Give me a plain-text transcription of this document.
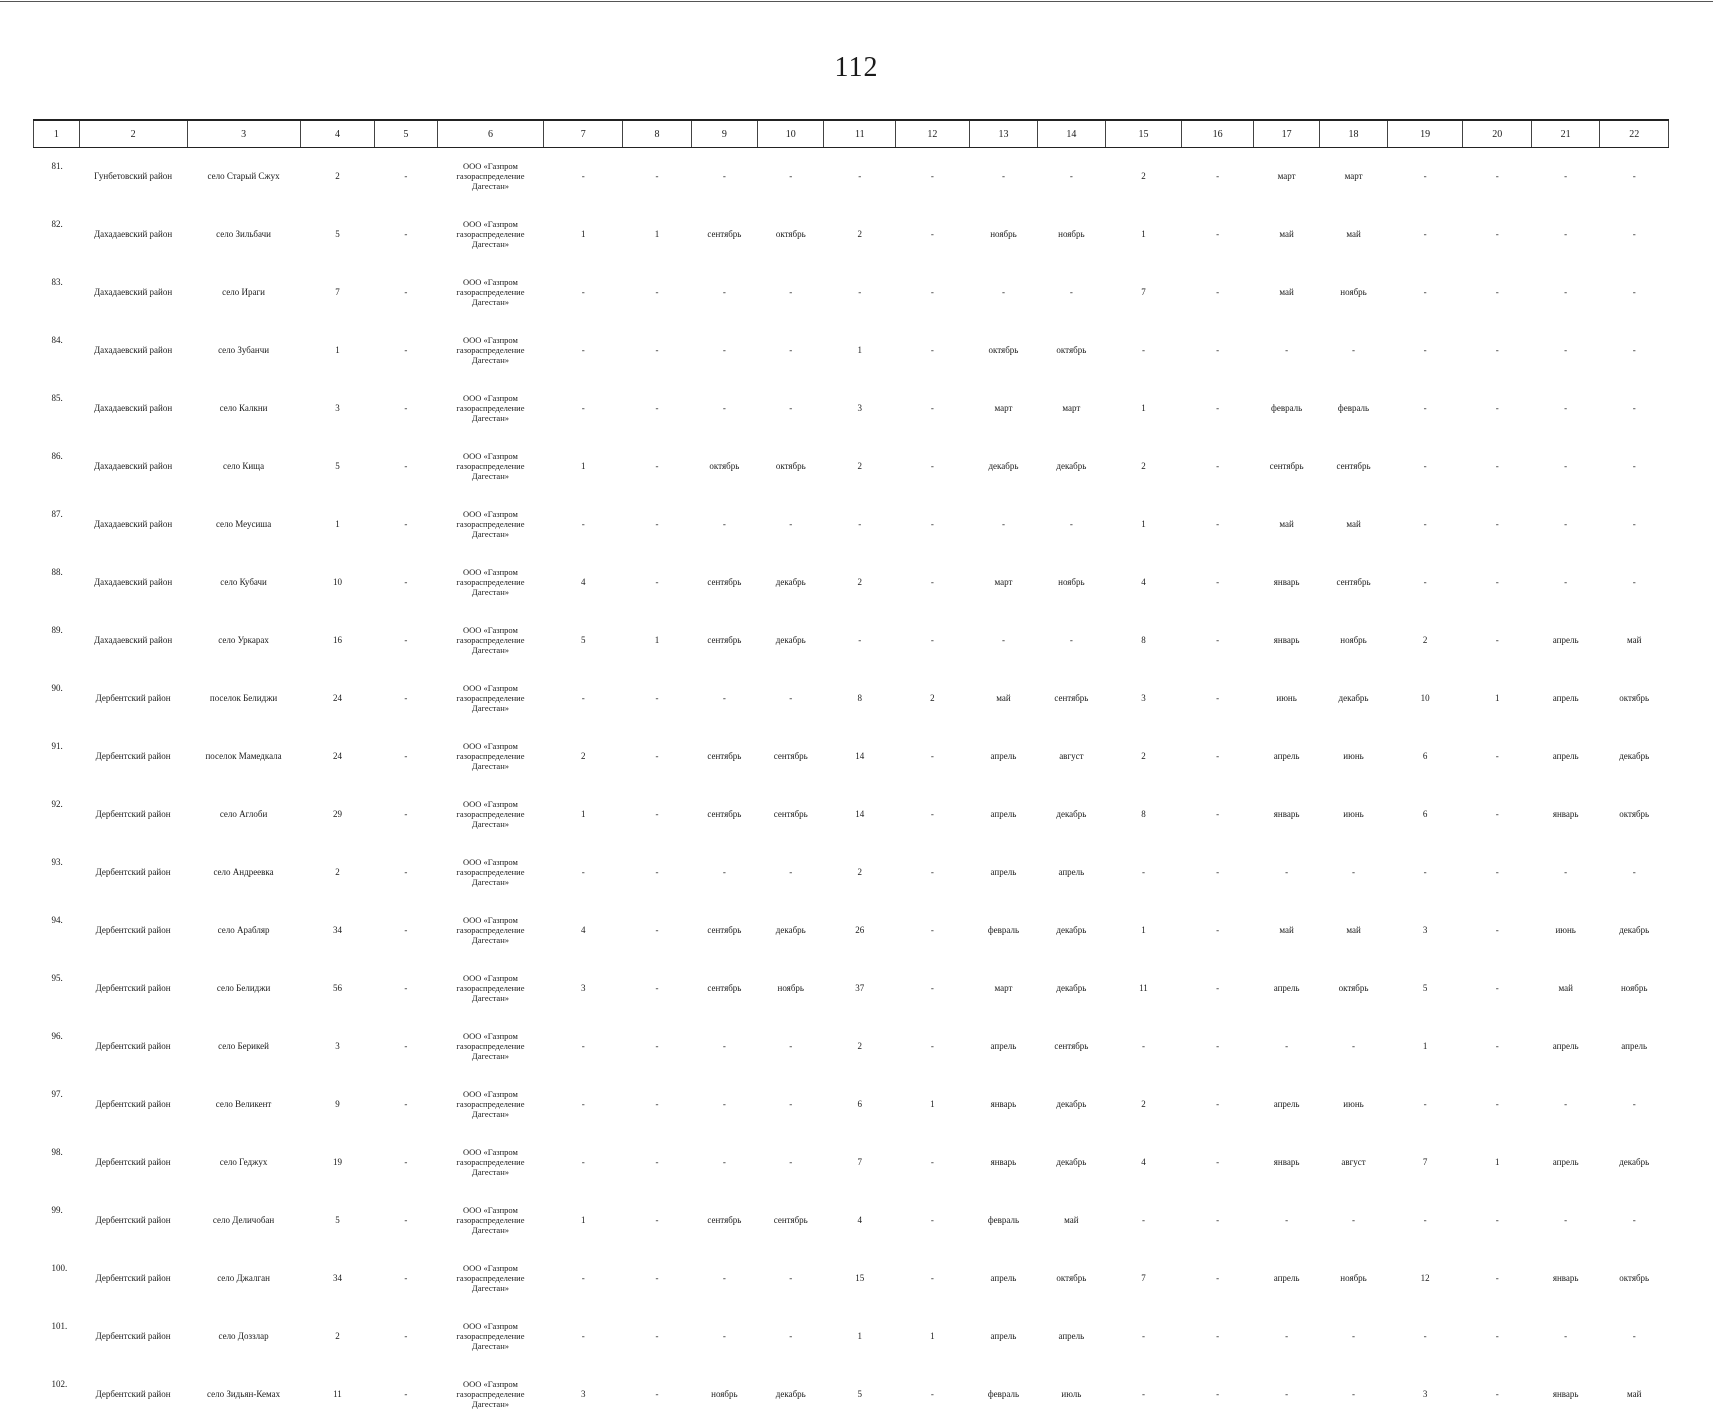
112
1	2	3	4	5	6	7	8	9	10	11	12	13	14	15	16	17	18	19	20	21	22
81.	Гунбетовский район	село Старый Сжух	2	-	ООО «Газпром газораспределение Дагестан»	-	-	-	-	-	-	-	-	2	-	март	март	-	-	-	-
82.	Дахадаевский район	село Зильбачи	5	-	ООО «Газпром газораспределение Дагестан»	1	1	сентябрь	октябрь	2	-	ноябрь	ноябрь	1	-	май	май	-	-	-	-
83.	Дахадаевский район	село Ираги	7	-	ООО «Газпром газораспределение Дагестан»	-	-	-	-	-	-	-	-	7	-	май	ноябрь	-	-	-	-
84.	Дахадаевский район	село Зубанчи	1	-	ООО «Газпром газораспределение Дагестан»	-	-	-	-	1	-	октябрь	октябрь	-	-	-	-	-	-	-	-
85.	Дахадаевский район	село Калкни	3	-	ООО «Газпром газораспределение Дагестан»	-	-	-	-	3	-	март	март	1	-	февраль	февраль	-	-	-	-
86.	Дахадаевский район	село Кища	5	-	ООО «Газпром газораспределение Дагестан»	1	-	октябрь	октябрь	2	-	декабрь	декабрь	2	-	сентябрь	сентябрь	-	-	-	-
87.	Дахадаевский район	село Меусиша	1	-	ООО «Газпром газораспределение Дагестан»	-	-	-	-	-	-	-	-	1	-	май	май	-	-	-	-
88.	Дахадаевский район	село Кубачи	10	-	ООО «Газпром газораспределение Дагестан»	4	-	сентябрь	декабрь	2	-	март	ноябрь	4	-	январь	сентябрь	-	-	-	-
89.	Дахадаевский район	село Уркарах	16	-	ООО «Газпром газораспределение Дагестан»	5	1	сентябрь	декабрь	-	-	-	-	8	-	январь	ноябрь	2	-	апрель	май
90.	Дербентский район	поселок Белиджи	24	-	ООО «Газпром газораспределение Дагестан»	-	-	-	-	8	2	май	сентябрь	3	-	июнь	декабрь	10	1	апрель	октябрь
91.	Дербентский район	поселок Мамедкала	24	-	ООО «Газпром газораспределение Дагестан»	2	-	сентябрь	сентябрь	14	-	апрель	август	2	-	апрель	июнь	6	-	апрель	декабрь
92.	Дербентский район	село Аглоби	29	-	ООО «Газпром газораспределение Дагестан»	1	-	сентябрь	сентябрь	14	-	апрель	декабрь	8	-	январь	июнь	6	-	январь	октябрь
93.	Дербентский район	село Андреевка	2	-	ООО «Газпром газораспределение Дагестан»	-	-	-	-	2	-	апрель	апрель	-	-	-	-	-	-	-	-
94.	Дербентский район	село Арабляр	34	-	ООО «Газпром газораспределение Дагестан»	4	-	сентябрь	декабрь	26	-	февраль	декабрь	1	-	май	май	3	-	июнь	декабрь
95.	Дербентский район	село Белиджи	56	-	ООО «Газпром газораспределение Дагестан»	3	-	сентябрь	ноябрь	37	-	март	декабрь	11	-	апрель	октябрь	5	-	май	ноябрь
96.	Дербентский район	село Берикей	3	-	ООО «Газпром газораспределение Дагестан»	-	-	-	-	2	-	апрель	сентябрь	-	-	-	-	1	-	апрель	апрель
97.	Дербентский район	село Великент	9	-	ООО «Газпром газораспределение Дагестан»	-	-	-	-	6	1	январь	декабрь	2	-	апрель	июнь	-	-	-	-
98.	Дербентский район	село Геджух	19	-	ООО «Газпром газораспределение Дагестан»	-	-	-	-	7	-	январь	декабрь	4	-	январь	август	7	1	апрель	декабрь
99.	Дербентский район	село Деличобан	5	-	ООО «Газпром газораспределение Дагестан»	1	-	сентябрь	сентябрь	4	-	февраль	май	-	-	-	-	-	-	-	-
100.	Дербентский район	село Джалган	34	-	ООО «Газпром газораспределение Дагестан»	-	-	-	-	15	-	апрель	октябрь	7	-	апрель	ноябрь	12	-	январь	октябрь
101.	Дербентский район	село Доззлар	2	-	ООО «Газпром газораспределение Дагестан»	-	-	-	-	1	1	апрель	апрель	-	-	-	-	-	-	-	-
102.	Дербентский район	село Зидьян-Кемах	11	-	ООО «Газпром газораспределение Дагестан»	3	-	ноябрь	декабрь	5	-	февраль	июль	-	-	-	-	3	-	январь	май
